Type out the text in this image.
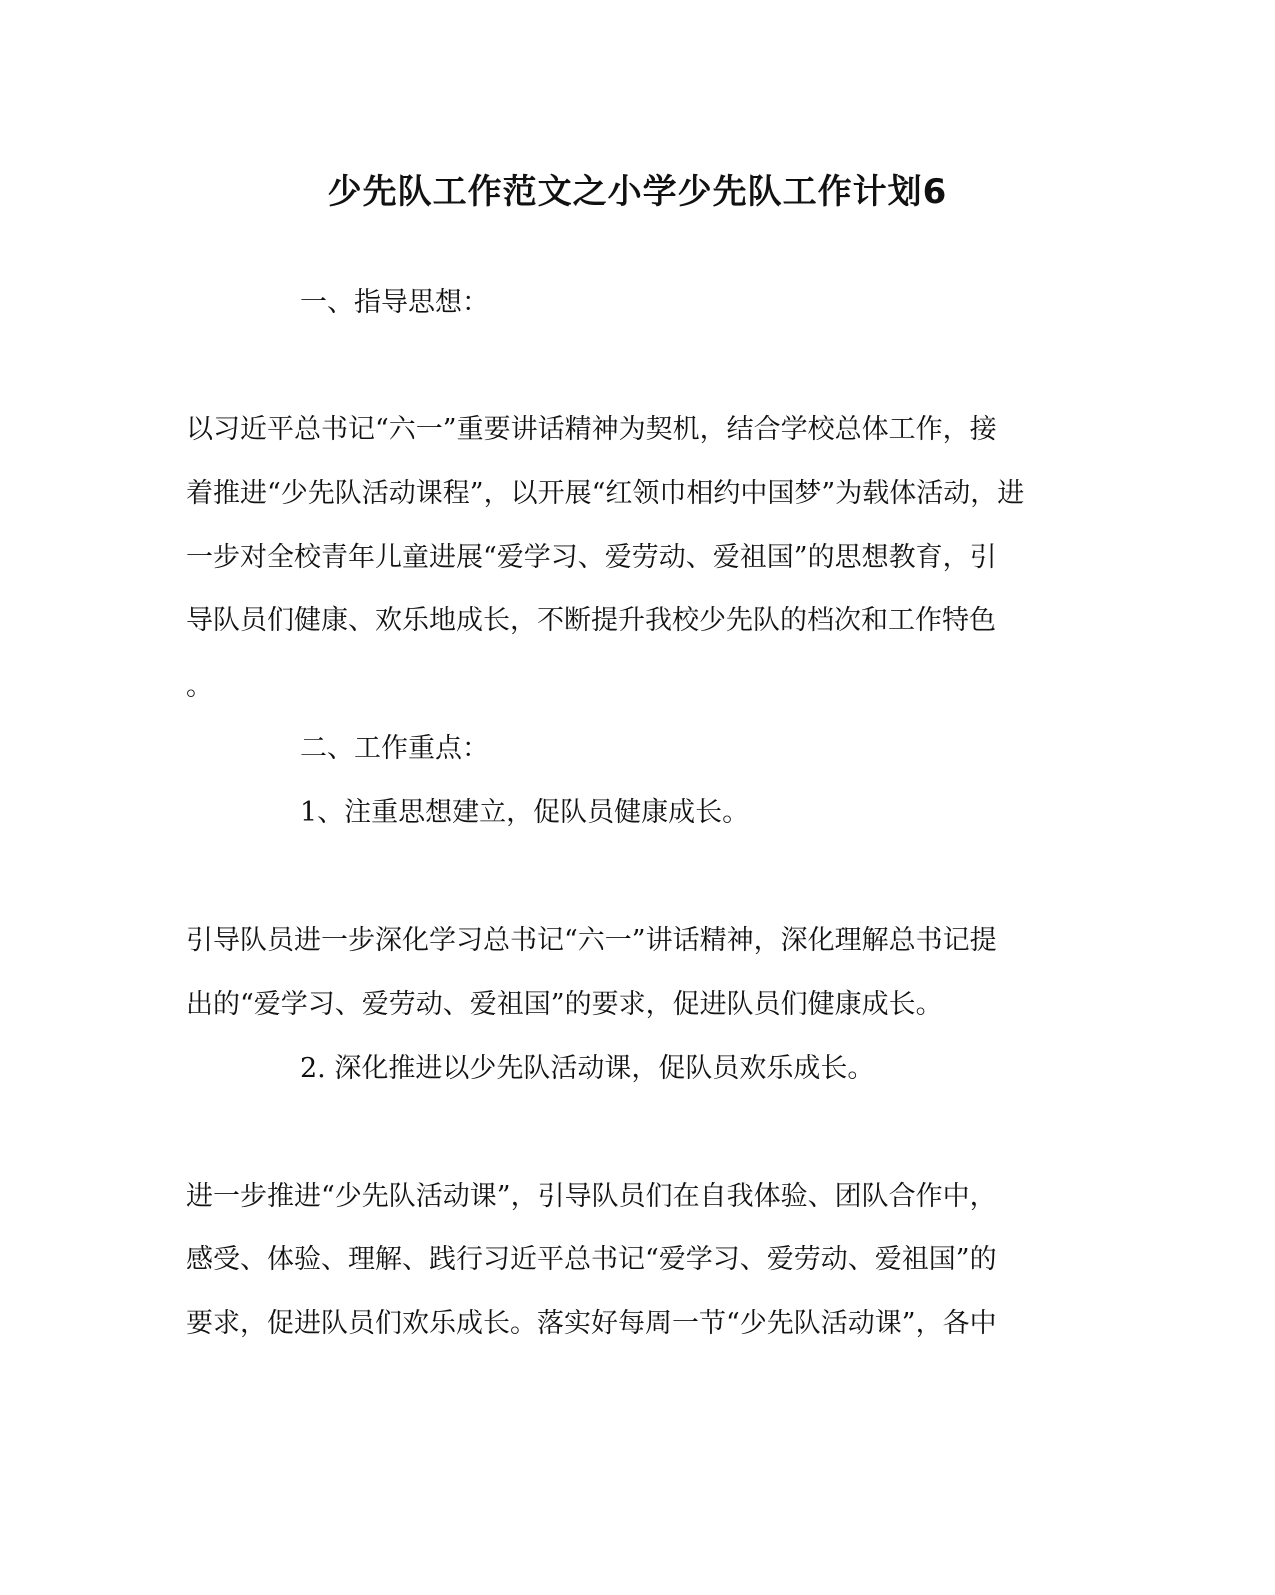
少先队工作范文之小学少先队工作计划6
一、指导思想：
以习近平总书记“六一”重要讲话精神为契机，结合学校总体工作，接
着推进“少先队活动课程”，以开展“红领巾相约中国梦”为载体活动，进
一步对全校青年儿童进展“爱学习、爱劳动、爱祖国”的思想教育，引
导队员们健康、欢乐地成长，不断提升我校少先队的档次和工作特色
。
二、工作重点：
1、注重思想建立，促队员健康成长。
引导队员进一步深化学习总书记“六一”讲话精神，深化理解总书记提
出的“爱学习、爱劳动、爱祖国”的要求，促进队员们健康成长。
2. 深化推进以少先队活动课，促队员欢乐成长。
进一步推进“少先队活动课”，引导队员们在自我体验、团队合作中，
感受、体验、理解、践行习近平总书记“爱学习、爱劳动、爱祖国”的
要求，促进队员们欢乐成长。落实好每周一节“少先队活动课”，各中
